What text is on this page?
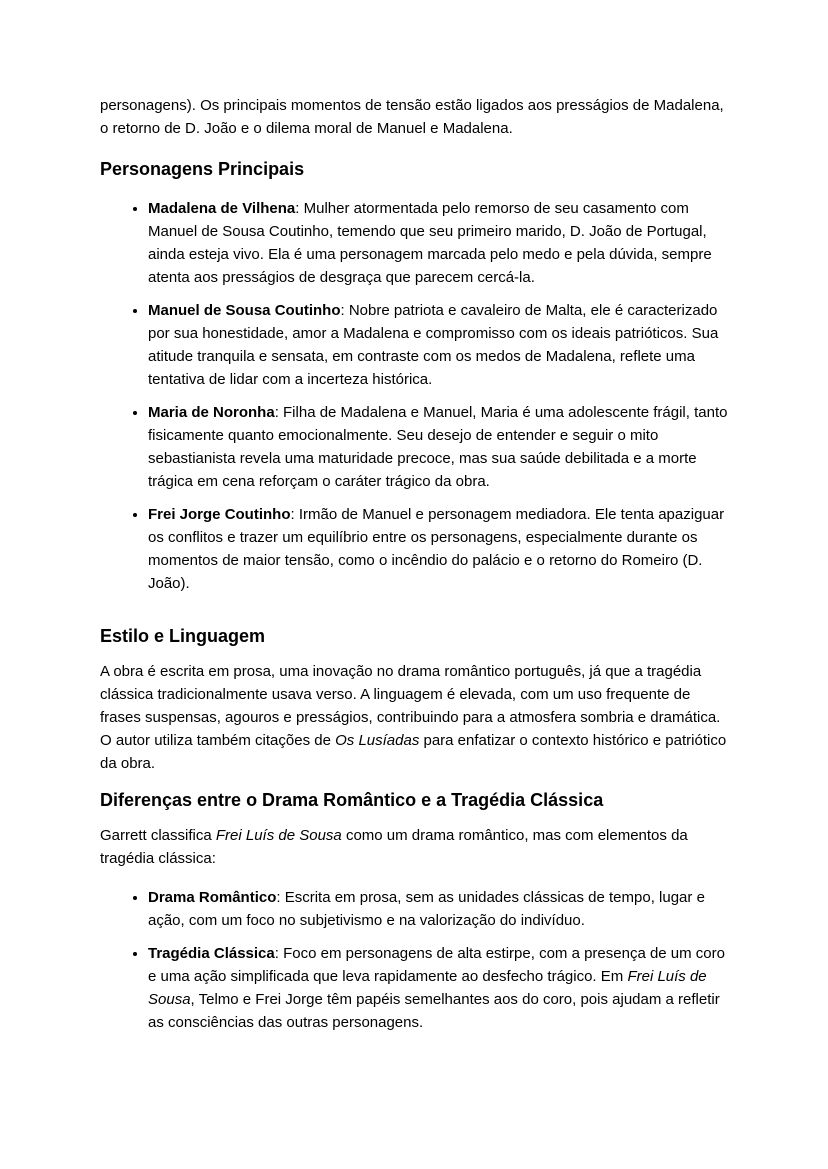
personagens). Os principais momentos de tensão estão ligados aos presságios de Madalena, o retorno de D. João e o dilema moral de Manuel e Madalena.

Personagens Principais
• Madalena de Vilhena: Mulher atormentada pelo remorso de seu casamento com Manuel de Sousa Coutinho, temendo que seu primeiro marido, D. João de Portugal, ainda esteja vivo. Ela é uma personagem marcada pelo medo e pela dúvida, sempre atenta aos presságios de desgraça que parecem cercá-la.
• Manuel de Sousa Coutinho: Nobre patriota e cavaleiro de Malta, ele é caracterizado por sua honestidade, amor a Madalena e compromisso com os ideais patrióticos. Sua atitude tranquila e sensata, em contraste com os medos de Madalena, reflete uma tentativa de lidar com a incerteza histórica.
• Maria de Noronha: Filha de Madalena e Manuel, Maria é uma adolescente frágil, tanto fisicamente quanto emocionalmente. Seu desejo de entender e seguir o mito sebastianista revela uma maturidade precoce, mas sua saúde debilitada e a morte trágica em cena reforçam o caráter trágico da obra.
• Frei Jorge Coutinho: Irmão de Manuel e personagem mediadora. Ele tenta apaziguar os conflitos e trazer um equilíbrio entre os personagens, especialmente durante os momentos de maior tensão, como o incêndio do palácio e o retorno do Romeiro (D. João).
Estilo e Linguagem

A obra é escrita em prosa, uma inovação no drama romântico português, já que a tragédia clássica tradicionalmente usava verso. A linguagem é elevada, com um uso frequente de frases suspensas, agouros e presságios, contribuindo para a atmosfera sombria e dramática. O autor utiliza também citações de Os Lusíadas para enfatizar o contexto histórico e patriótico da obra.

Diferenças entre o Drama Romântico e a Tragédia Clássica

Garrett classifica Frei Luís de Sousa como um drama romântico, mas com elementos da tragédia clássica:

• Drama Romântico: Escrita em prosa, sem as unidades clássicas de tempo, lugar e ação, com um foco no subjetivismo e na valorização do indivíduo.
• Tragédia Clássica: Foco em personagens de alta estirpe, com a presença de um coro e uma ação simplificada que leva rapidamente ao desfecho trágico. Em Frei Luís de Sousa, Telmo e Frei Jorge têm papéis semelhantes aos do coro, pois ajudam a refletir as consciências das outras personagens.
